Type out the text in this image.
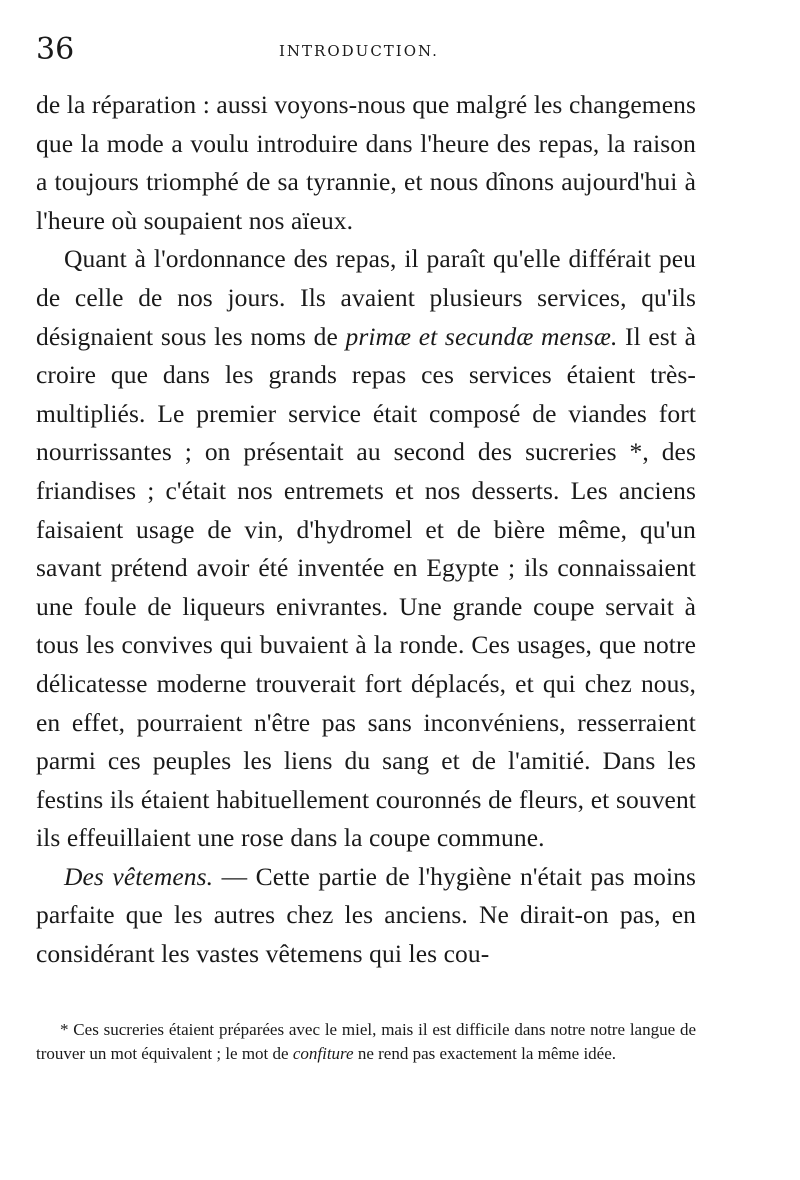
36	INTRODUCTION.

de la réparation : aussi voyons-nous que malgré les changemens que la mode a voulu introduire dans l'heure des repas, la raison a toujours triomphé de sa tyrannie, et nous dînons aujourd'hui à l'heure où soupaient nos aïeux.

Quant à l'ordonnance des repas, il paraît qu'elle différait peu de celle de nos jours. Ils avaient plusieurs services, qu'ils désignaient sous les noms de primæ et secundæ mensæ. Il est à croire que dans les grands repas ces services étaient très-multipliés. Le premier service était composé de viandes fort nourrissantes ; on présentait au second des sucreries *, des friandises ; c'était nos entremets et nos desserts. Les anciens faisaient usage de vin, d'hydromel et de bière même, qu'un savant prétend avoir été inventée en Egypte ; ils connaissaient une foule de liqueurs enivrantes. Une grande coupe servait à tous les convives qui buvaient à la ronde. Ces usages, que notre délicatesse moderne trouverait fort déplacés, et qui chez nous, en effet, pourraient n'être pas sans inconvéniens, resserraient parmi ces peuples les liens du sang et de l'amitié. Dans les festins ils étaient habituellement couronnés de fleurs, et souvent ils effeuillaient une rose dans la coupe commune.

Des vêtemens. — Cette partie de l'hygiène n'était pas moins parfaite que les autres chez les anciens. Ne dirait-on pas, en considérant les vastes vêtemens qui les cou-

* Ces sucreries étaient préparées avec le miel, mais il est difficile dans notre notre langue de trouver un mot équivalent ; le mot de confiture ne rend pas exactement la même idée.
